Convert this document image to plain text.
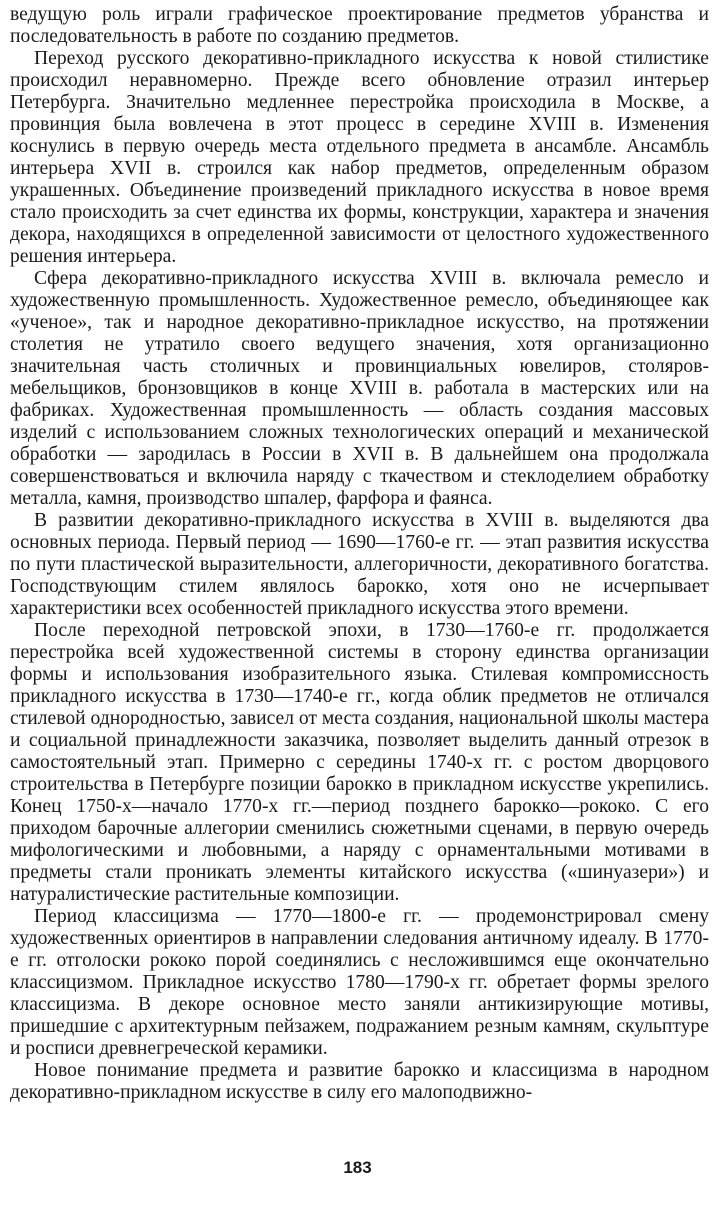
ведущую роль играли графическое проектирование предметов убранства и последовательность в работе по созданию предметов.

Переход русского декоративно-прикладного искусства к новой стилистике происходил неравномерно. Прежде всего обновление отразил интерьер Петербурга. Значительно медленнее перестройка происходила в Москве, а провинция была вовлечена в этот процесс в середине XVIII в. Изменения коснулись в первую очередь места отдельного предмета в ансамбле. Ансамбль интерьера XVII в. строился как набор предметов, определенным образом украшенных. Объединение произведений прикладного искусства в новое время стало происходить за счет единства их формы, конструкции, характера и значения декора, находящихся в определенной зависимости от целостного художественного решения интерьера.

Сфера декоративно-прикладного искусства XVIII в. включала ремесло и художественную промышленность. Художественное ремесло, объединяющее как «ученое», так и народное декоративно-прикладное искусство, на протяжении столетия не утратило своего ведущего значения, хотя организационно значительная часть столичных и провинциальных ювелиров, столяров-мебельщиков, бронзовщиков в конце XVIII в. работала в мастерских или на фабриках. Художественная промышленность — область создания массовых изделий с использованием сложных технологических операций и механической обработки — зародилась в России в XVII в. В дальнейшем она продолжала совершенствоваться и включила наряду с ткачеством и стеклоделием обработку металла, камня, производство шпалер, фарфора и фаянса.

В развитии декоративно-прикладного искусства в XVIII в. выделяются два основных периода. Первый период — 1690—1760-е гг. — этап развития искусства по пути пластической выразительности, аллегоричности, декоративного богатства. Господствующим стилем являлось барокко, хотя оно не исчерпывает характеристики всех особенностей прикладного искусства этого времени.

После переходной петровской эпохи, в 1730—1760-е гг. продолжается перестройка всей художественной системы в сторону единства организации формы и использования изобразительного языка. Стилевая компромиссность прикладного искусства в 1730—1740-е гг., когда облик предметов не отличался стилевой однородностью, зависел от места создания, национальной школы мастера и социальной принадлежности заказчика, позволяет выделить данный отрезок в самостоятельный этап. Примерно с середины 1740-х гг. с ростом дворцового строительства в Петербурге позиции барокко в прикладном искусстве укрепились. Конец 1750-х—начало 1770-х гг.—период позднего барокко—рококо. С его приходом барочные аллегории сменились сюжетными сценами, в первую очередь мифологическими и любовными, а наряду с орнаментальными мотивами в предметы стали проникать элементы китайского искусства («шинуазери») и натуралистические растительные композиции.

Период классицизма — 1770—1800-е гг. — продемонстрировал смену художественных ориентиров в направлении следования античному идеалу. В 1770-е гг. отголоски рококо порой соединялись с несложившимся еще окончательно классицизмом. Прикладное искусство 1780—1790-х гг. обретает формы зрелого классицизма. В декоре основное место заняли антикизирующие мотивы, пришедшие с архитектурным пейзажем, подражанием резным камням, скульптуре и росписи древнегреческой керамики.

Новое понимание предмета и развитие барокко и классицизма в народном декоративно-прикладном искусстве в силу его малоподвижно-

183
